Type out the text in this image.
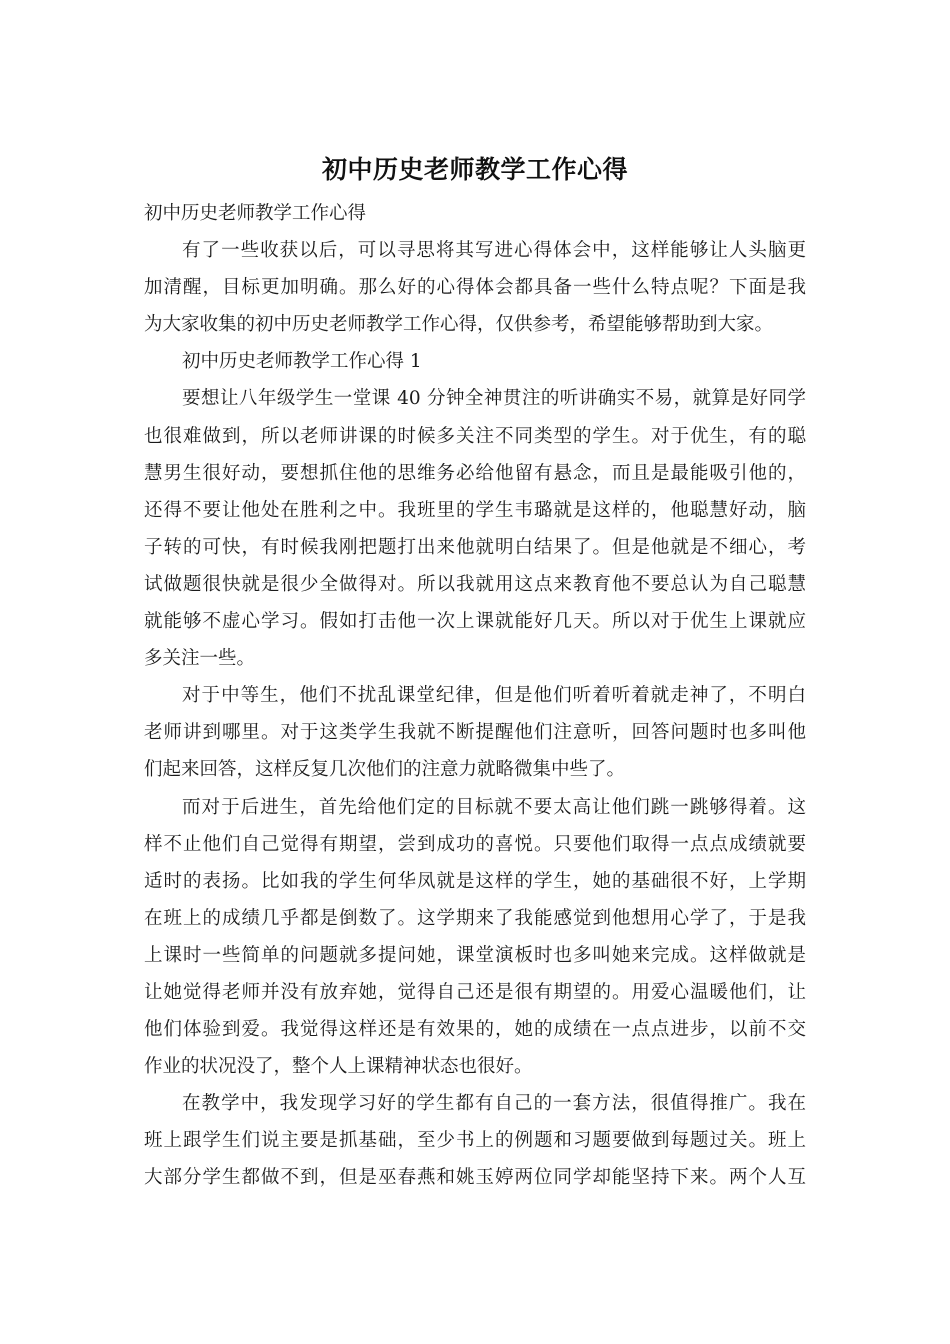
初中历史老师教学工作心得
初中历史老师教学工作心得
有了一些收获以后，可以寻思将其写进心得体会中，这样能够让人头脑更
加清醒，目标更加明确。那么好的心得体会都具备一些什么特点呢？下面是我
为大家收集的初中历史老师教学工作心得，仅供参考，希望能够帮助到大家。
初中历史老师教学工作心得 1
要想让八年级学生一堂课 40 分钟全神贯注的听讲确实不易，就算是好同学
也很难做到，所以老师讲课的时候多关注不同类型的学生。对于优生，有的聪
慧男生很好动，要想抓住他的思维务必给他留有悬念，而且是最能吸引他的，
还得不要让他处在胜利之中。我班里的学生韦璐就是这样的，他聪慧好动，脑
子转的可快，有时候我刚把题打出来他就明白结果了。但是他就是不细心，考
试做题很快就是很少全做得对。所以我就用这点来教育他不要总认为自己聪慧
就能够不虚心学习。假如打击他一次上课就能好几天。所以对于优生上课就应
多关注一些。
对于中等生，他们不扰乱课堂纪律，但是他们听着听着就走神了，不明白
老师讲到哪里。对于这类学生我就不断提醒他们注意听，回答问题时也多叫他
们起来回答，这样反复几次他们的注意力就略微集中些了。
而对于后进生，首先给他们定的目标就不要太高让他们跳一跳够得着。这
样不止他们自己觉得有期望，尝到成功的喜悦。只要他们取得一点点成绩就要
适时的表扬。比如我的学生何华凤就是这样的学生，她的基础很不好，上学期
在班上的成绩几乎都是倒数了。这学期来了我能感觉到他想用心学了，于是我
上课时一些简单的问题就多提问她，课堂演板时也多叫她来完成。这样做就是
让她觉得老师并没有放弃她，觉得自己还是很有期望的。用爱心温暖他们，让
他们体验到爱。我觉得这样还是有效果的，她的成绩在一点点进步，以前不交
作业的状况没了，整个人上课精神状态也很好。
在教学中，我发现学习好的学生都有自己的一套方法，很值得推广。我在
班上跟学生们说主要是抓基础，至少书上的例题和习题要做到每题过关。班上
大部分学生都做不到，但是巫春燕和姚玉婷两位同学却能坚持下来。两个人互
